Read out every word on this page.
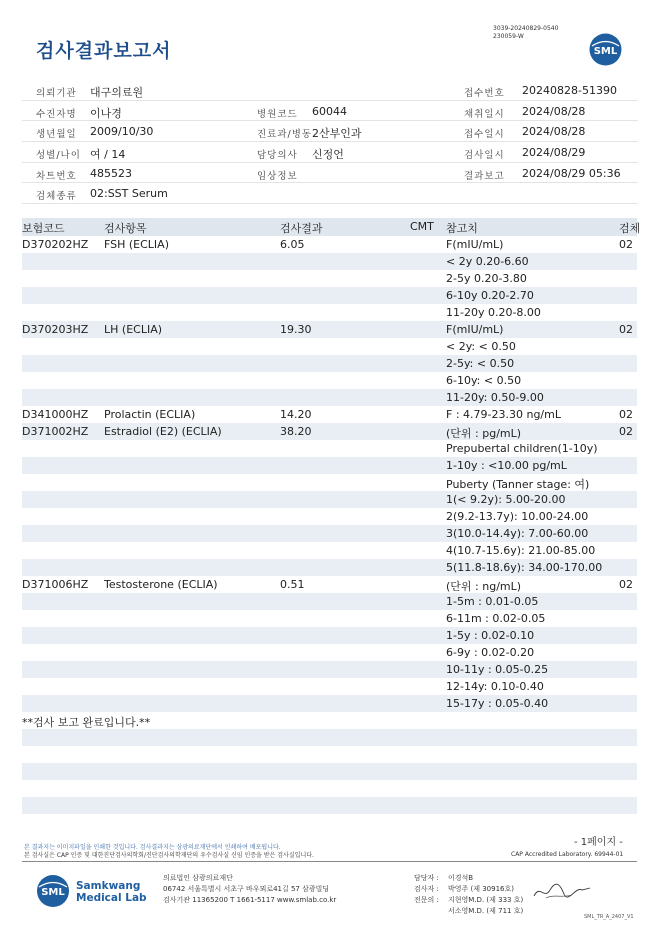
검사결과보고서
3039-20240829-0540
230059-W
SML
의뢰기관 대구의료원	접수번호 20240828-51390
수진자명 이나경	병원코드 60044	채취일시 2024/08/28
생년월일 2009/10/30	진료과/병동 2산부인과	접수일시 2024/08/28
성별/나이 여 / 14	담당의사 신정언	검사일시 2024/08/29
차트번호 485523	임상정보	결과보고 2024/08/29 05:36
검체종류 02:SST Serum
보험코드	검사항목	검사결과	CMT 참고치	검체
D370202HZ FSH (ECLIA)	6.05	F(mIU/mL)	02
< 2y 0.20-6.60
2-5y 0.20-3.80
6-10y 0.20-2.70
11-20y 0.20-8.00
D370203HZ LH (ECLIA)	19.30	F(mIU/mL)	02
< 2y: < 0.50
2-5y: < 0.50
6-10y: < 0.50
11-20y: 0.50-9.00
D341000HZ Prolactin (ECLIA)	14.20	F : 4.79-23.30 ng/mL	02
D371002HZ Estradiol (E2) (ECLIA)	38.20	(단위 : pg/mL)	02
Prepubertal children(1-10y)
1-10y : <10.00 pg/mL
Puberty (Tanner stage: 여)
1(< 9.2y): 5.00-20.00
2(9.2-13.7y): 10.00-24.00
3(10.0-14.4y): 7.00-60.00
4(10.7-15.6y): 21.00-85.00
5(11.8-18.6y): 34.00-170.00
D371006HZ Testosterone (ECLIA)	0.51	(단위 : ng/mL)	02
1-5m : 0.01-0.05
6-11m : 0.02-0.05
1-5y : 0.02-0.10
6-9y : 0.02-0.20
10-11y : 0.05-0.25
12-14y: 0.10-0.40
15-17y : 0.05-0.40
**검사 보고 완료입니다.**
본 결과지는 이미지파일을 인쇄한 것입니다. 검사결과지는 삼광의료재단에서 인쇄하여 배포됩니다.
본 검사실은 CAP 인증 및 대한진단검사의학회/진단검사의학재단의 우수검사실 신임 인증을 받은 검사실입니다.
- 1페이지 -
CAP Accredited Laboratory. 69944-01
SML
Samkwang
Medical Lab
의료법인 삼광의료재단
06742 서울특별시 서초구 바우뫼로41길 57 삼광빌딩
검사기관 11365200 T 1661-5117 www.smlab.co.kr
담당자 : 이경석B
검사자 : 박영주 (제 30916호)
전문의 : 지현영M.D. (제 333 호)
서소영M.D. (제 711 호)
SML_TR_A_2407_V1
